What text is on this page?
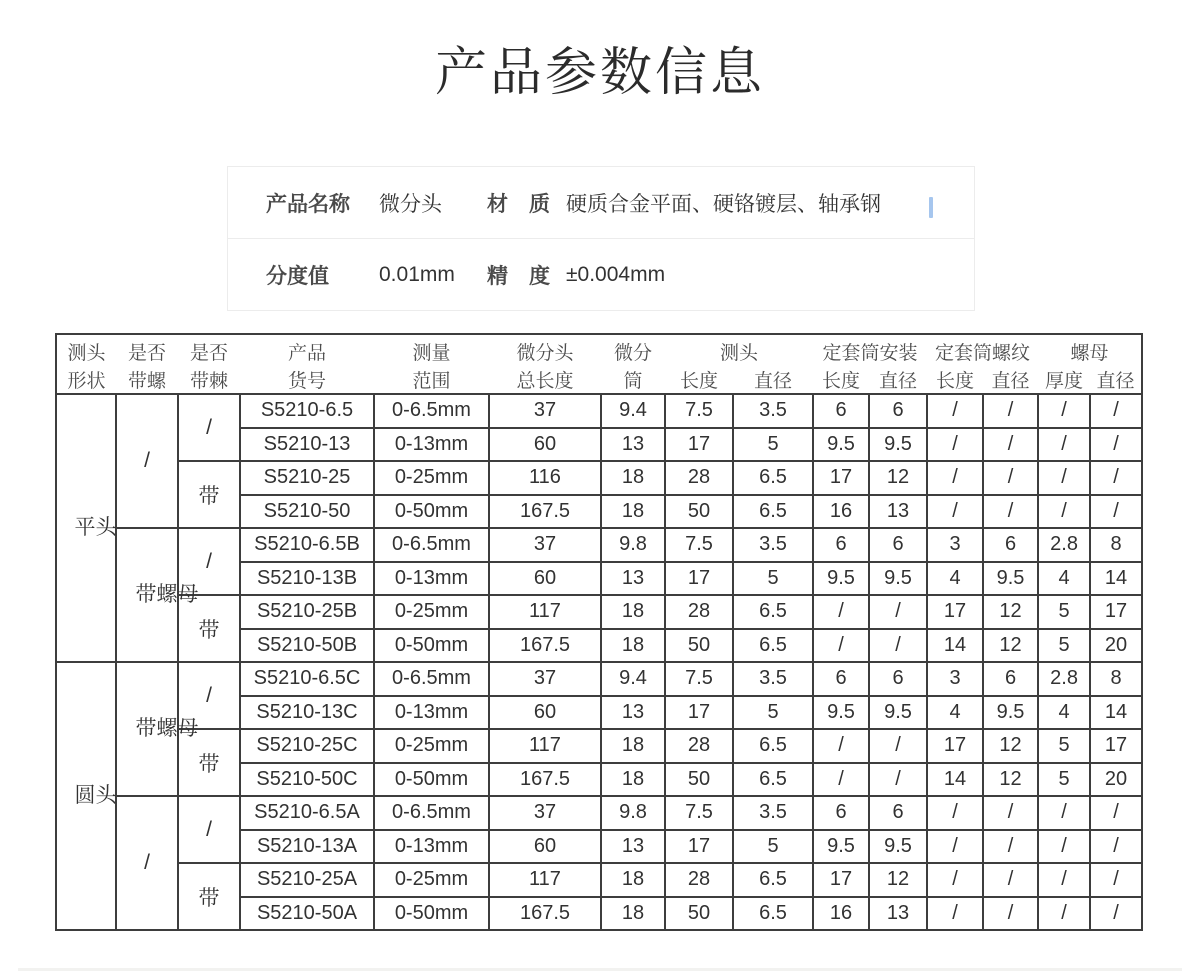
产品参数信息
产品名称 微分头 材　质 硬质合金平面、硬铬镀层、轴承钢
分度值 0.01mm 精　度 ±0.004mm
测头	是否	是否	产品	测量	微分头	微分	测头		定套筒安装		定套筒螺纹		螺母	
形状	带螺	带棘	货号	范围	总长度	筒	长度	直径	长度	直径	长度	直径	厚度	直径
平头	/	/	S5210-6.5	0-6.5mm	37	9.4	7.5	3.5	6	6	/	/	/	/
			S5210-13	0-13mm	60	13	17	5	9.5	9.5	/	/	/	/
		带	S5210-25	0-25mm	116	18	28	6.5	17	12	/	/	/	/
			S5210-50	0-50mm	167.5	18	50	6.5	16	13	/	/	/	/
	带螺母	/	S5210-6.5B	0-6.5mm	37	9.8	7.5	3.5	6	6	3	6	2.8	8
			S5210-13B	0-13mm	60	13	17	5	9.5	9.5	4	9.5	4	14
		带	S5210-25B	0-25mm	117	18	28	6.5	/	/	17	12	5	17
			S5210-50B	0-50mm	167.5	18	50	6.5	/	/	14	12	5	20
圆头	带螺母	/	S5210-6.5C	0-6.5mm	37	9.4	7.5	3.5	6	6	3	6	2.8	8
			S5210-13C	0-13mm	60	13	17	5	9.5	9.5	4	9.5	4	14
		带	S5210-25C	0-25mm	117	18	28	6.5	/	/	17	12	5	17
			S5210-50C	0-50mm	167.5	18	50	6.5	/	/	14	12	5	20
	/	/	S5210-6.5A	0-6.5mm	37	9.8	7.5	3.5	6	6	/	/	/	/
			S5210-13A	0-13mm	60	13	17	5	9.5	9.5	/	/	/	/
		带	S5210-25A	0-25mm	117	18	28	6.5	17	12	/	/	/	/
			S5210-50A	0-50mm	167.5	18	50	6.5	16	13	/	/	/	/
